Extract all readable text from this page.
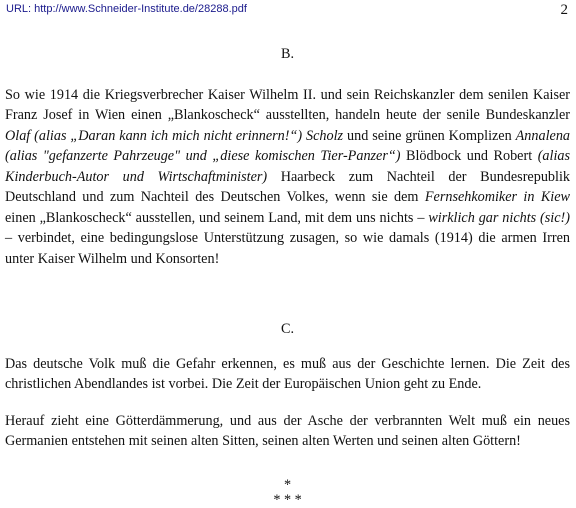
URL: http://www.Schneider-Institute.de/28288.pdf	2
B.

So wie 1914 die Kriegsverbrecher Kaiser Wilhelm II. und sein Reichskanzler dem senilen Kaiser Franz Josef in Wien einen „Blankoscheck“ ausstellten, handeln heute der senile Bundeskanzler Olaf (alias „Daran kann ich mich nicht erinnern!“) Scholz und seine grünen Komplizen Annalena (alias "gefanzerte Pahrzeuge" und „diese komischen Tier-Panzer“) Blödbock und Robert (alias Kinderbuch-Autor und Wirtschaftminister) Haarbeck zum Nachteil der Bundesrepublik Deutschland und zum Nachteil des Deutschen Volkes, wenn sie dem Fernsehkomiker in Kiew einen „Blankoscheck“ ausstellen, und seinem Land, mit dem uns nichts – wirklich gar nichts (sic!) – verbindet, eine bedingungslose Unterstützung zusagen, so wie damals (1914) die armen Irren unter Kaiser Wilhelm und Konsorten!

C.

Das deutsche Volk muß die Gefahr erkennen, es muß aus der Geschichte lernen. Die Zeit des christlichen Abendlandes ist vorbei. Die Zeit der Europäischen Union geht zu Ende.

Herauf zieht eine Götterdämmerung, und aus der Asche der verbrannten Welt muß ein neues Germanien entstehen mit seinen alten Sitten, seinen alten Werten und seinen alten Göttern!

*
* * *
